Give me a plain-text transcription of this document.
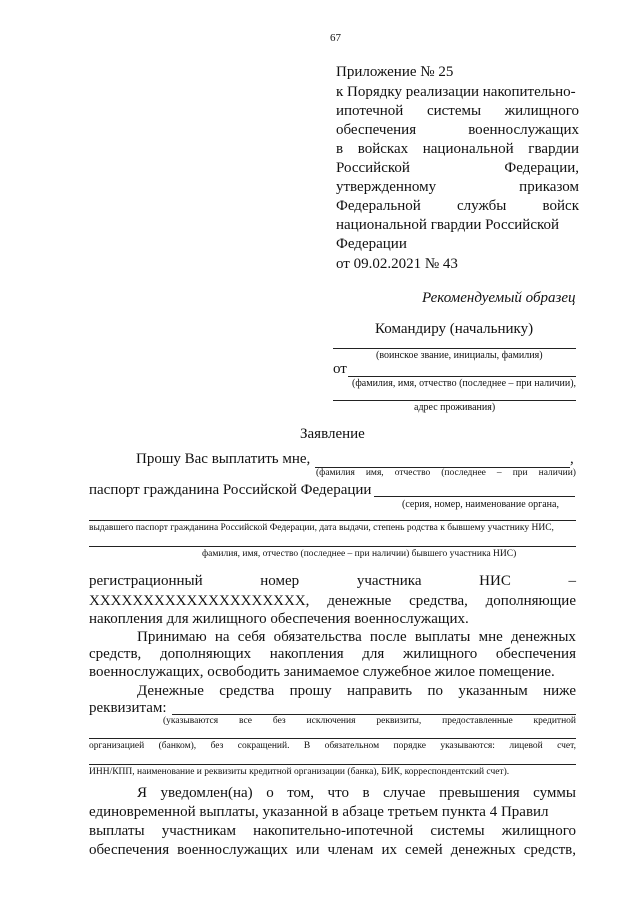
67
Приложение № 25
к Порядку реализации накопительно-
ипотечной системы жилищного
обеспечения	военнослужащих
в войсках национальной гвардии
Российской	Федерации,
утвержденному	приказом
Федеральной службы войск
национальной гвардии Российской
Федерации
от 09.02.2021 № 43
Рекомендуемый образец
Командиру (начальнику)
(воинское звание, инициалы, фамилия)
от
(фамилия, имя, отчество (последнее – при наличии),
адрес проживания)
Заявление
Прошу Вас выплатить мне,	,
(фамилия имя, отчество (последнее – при наличии)
паспорт гражданина Российской Федерации
(серия, номер, наименование органа,
выдавшего паспорт гражданина Российской Федерации, дата выдачи, степень родства к бывшему участнику НИС,
фамилия, имя, отчество (последнее – при наличии) бывшего участника НИС)
регистрационный	номер	участника	НИС	–
ХХХХХХХХХХХХХХХХХХХХ, денежные средства, дополняющие
накопления для жилищного обеспечения военнослужащих.
Принимаю на себя обязательства после выплаты мне денежных
средств, дополняющих накопления для жилищного обеспечения
военнослужащих, освободить занимаемое служебное жилое помещение.
Денежные средства прошу направить по указанным ниже
реквизитам:
(указываются все без исключения реквизиты, предоставленные кредитной
организацией (банком), без сокращений. В обязательном порядке указываются: лицевой счет,
ИНН/КПП, наименование и реквизиты кредитной организации (банка), БИК, корреспондентский счет).
Я уведомлен(на) о том, что в случае превышения суммы
единовременной выплаты, указанной в абзаце третьем пункта 4 Правил
выплаты участникам накопительно-ипотечной системы жилищного
обеспечения военнослужащих или членам их семей денежных средств,
